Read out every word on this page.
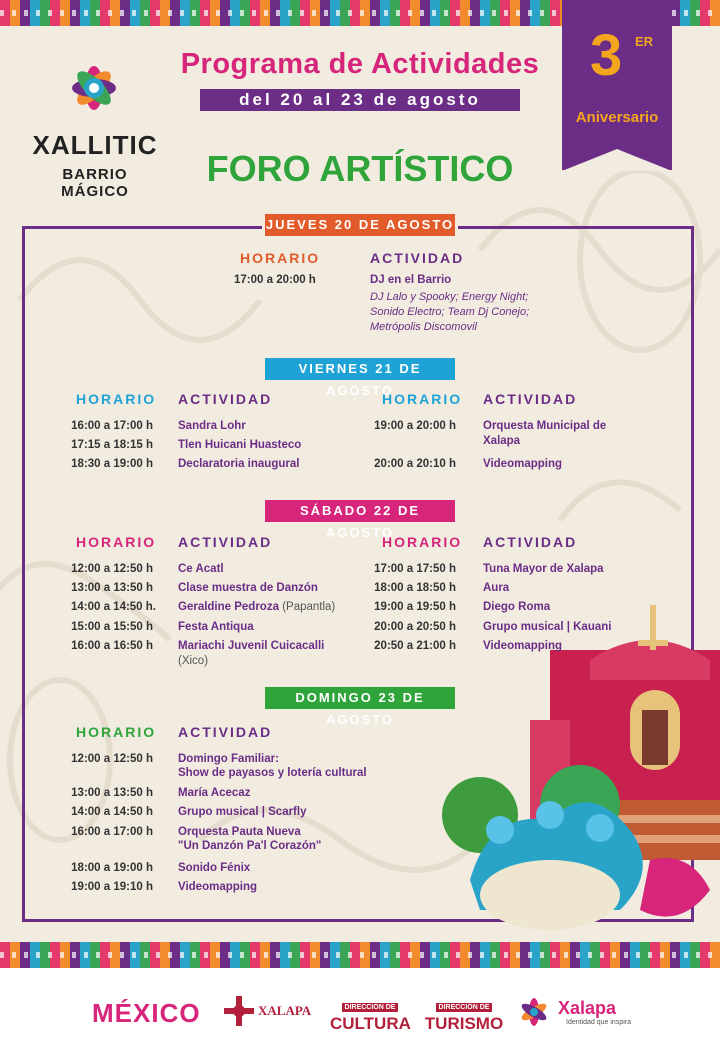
XALLITIC
BARRIO MÁGICO
Programa de Actividades
del 20 al 23 de agosto
FORO ARTÍSTICO
3 ER
Aniversario
JUEVES 20 DE AGOSTO
HORARIO	ACTIVIDAD
17:00 a 20:00 h	DJ en el Barrio
DJ Lalo y Spooky; Energy Night;
Sonido Electro; Team Dj Conejo;
Metrópolis Discomovil
VIERNES 21 DE AGOSTO
HORARIO ACTIVIDAD	HORARIO ACTIVIDAD
16:00 a 17:00 h Sandra Lohr
17:15 a 18:15 h Tlen Huicani Huasteco
18:30 a 19:00 h Declaratoria inaugural
19:00 a 20:00 h Orquesta Municipal de
Xalapa
20:00 a 20:10 h Videomapping
SÁBADO 22 DE AGOSTO
HORARIO ACTIVIDAD	HORARIO ACTIVIDAD
12:00 a 12:50 h Ce Acatl
13:00 a 13:50 h Clase muestra de Danzón
14:00 a 14:50 h. Geraldine Pedroza (Papantla)
15:00 a 15:50 h Festa Antiqua
16:00 a 16:50 h Mariachi Juvenil Cuicacalli
(Xico)
17:00 a 17:50 h Tuna Mayor de Xalapa
18:00 a 18:50 h Aura
19:00 a 19:50 h Diego Roma
20:00 a 20:50 h Grupo musical | Kauani
20:50 a 21:00 h Videomapping
DOMINGO 23 DE AGOSTO
HORARIO ACTIVIDAD
12:00 a 12:50 h Domingo Familiar:
Show de payasos y lotería cultural
13:00 a 13:50 h María Acecaz
14:00 a 14:50 h Grupo musical | Scarfly
16:00 a 17:00 h Orquesta Pauta Nueva
"Un Danzón Pa'l Corazón"
18:00 a 19:00 h Sonido Fénix
19:00 a 19:10 h Videomapping
MÉXICO	XALAPA	DIRECCIÓN DE
CULTURA
DIRECCIÓN DE
TURISMO
Xalapa
Identidad que inspira
